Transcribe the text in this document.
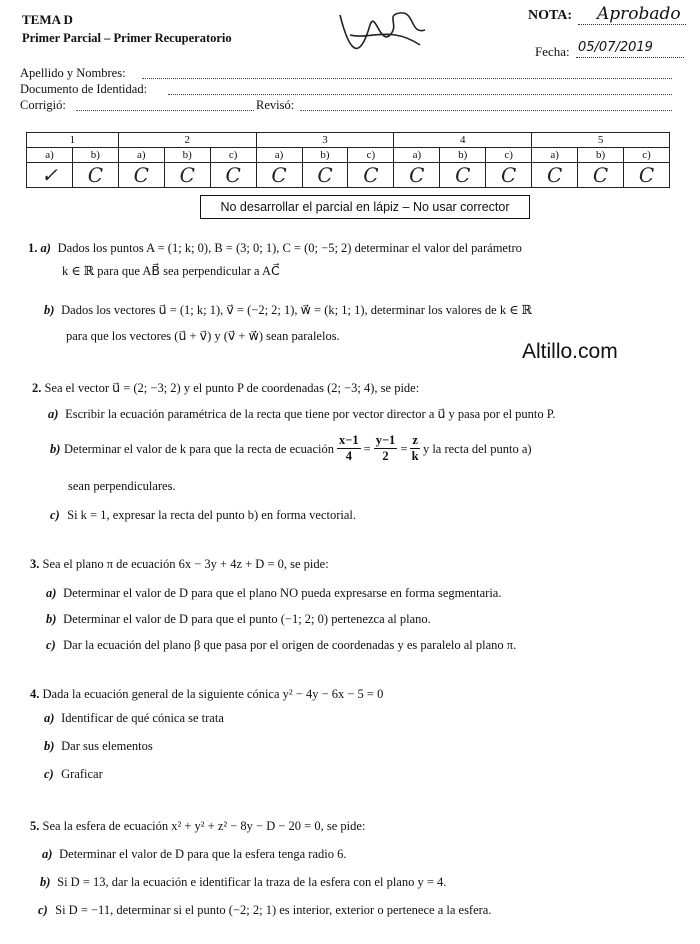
TEMA D
Primer Parcial – Primer Recuperatorio
NOTA: Aprobado
Fecha: 05/07/2019
Apellido y Nombres:
Documento de Identidad:
Corrigió:	Revisó:
1		2			3			4			5		
a)	b)	a)	b)	c)	a)	b)	c)	a)	b)	c)	a)	b)	c)
✓	C	C	C	C	C	C	C	C	C	C	C	C	C
No desarrollar el parcial en lápiz – No usar corrector
1. a) Dados los puntos A = (1; k; 0), B = (3; 0; 1), C = (0; −5; 2) determinar el valor del parámetro
k ∈ ℝ para que AB⃗ sea perpendicular a AC⃗
b) Dados los vectores u⃗ = (1; k; 1), v⃗ = (−2; 2; 1), w⃗ = (k; 1; 1), determinar los valores de k ∈ ℝ
para que los vectores (u⃗ + v⃗) y (v⃗ + w⃗) sean paralelos.
Altillo.com
2. Sea el vector u⃗ = (2; −3; 2) y el punto P de coordenadas (2; −3; 4), se pide:
a) Escribir la ecuación paramétrica de la recta que tiene por vector director a u⃗ y pasa por el punto P.
b) Determinar el valor de k para que la recta de ecuación $\frac{x-1}{4} = \frac{y-1}{2} = \frac{z}{k}$ y la recta del punto a)
sean perpendiculares.
c) Si k = 1, expresar la recta del punto b) en forma vectorial.
3. Sea el plano π de ecuación 6x − 3y + 4z + D = 0, se pide:
a) Determinar el valor de D para que el plano NO pueda expresarse en forma segmentaria.
b) Determinar el valor de D para que el punto (−1; 2; 0) pertenezca al plano.
c) Dar la ecuación del plano β que pasa por el origen de coordenadas y es paralelo al plano π.
4. Dada la ecuación general de la siguiente cónica y² − 4y − 6x − 5 = 0
a) Identificar de qué cónica se trata
b) Dar sus elementos
c) Graficar
5. Sea la esfera de ecuación x² + y² + z² − 8y − D − 20 = 0, se pide:
a) Determinar el valor de D para que la esfera tenga radio 6.
b) Si D = 13, dar la ecuación e identificar la traza de la esfera con el plano y = 4.
c) Si D = −11, determinar si el punto (−2; 2; 1) es interior, exterior o pertenece a la esfera.
